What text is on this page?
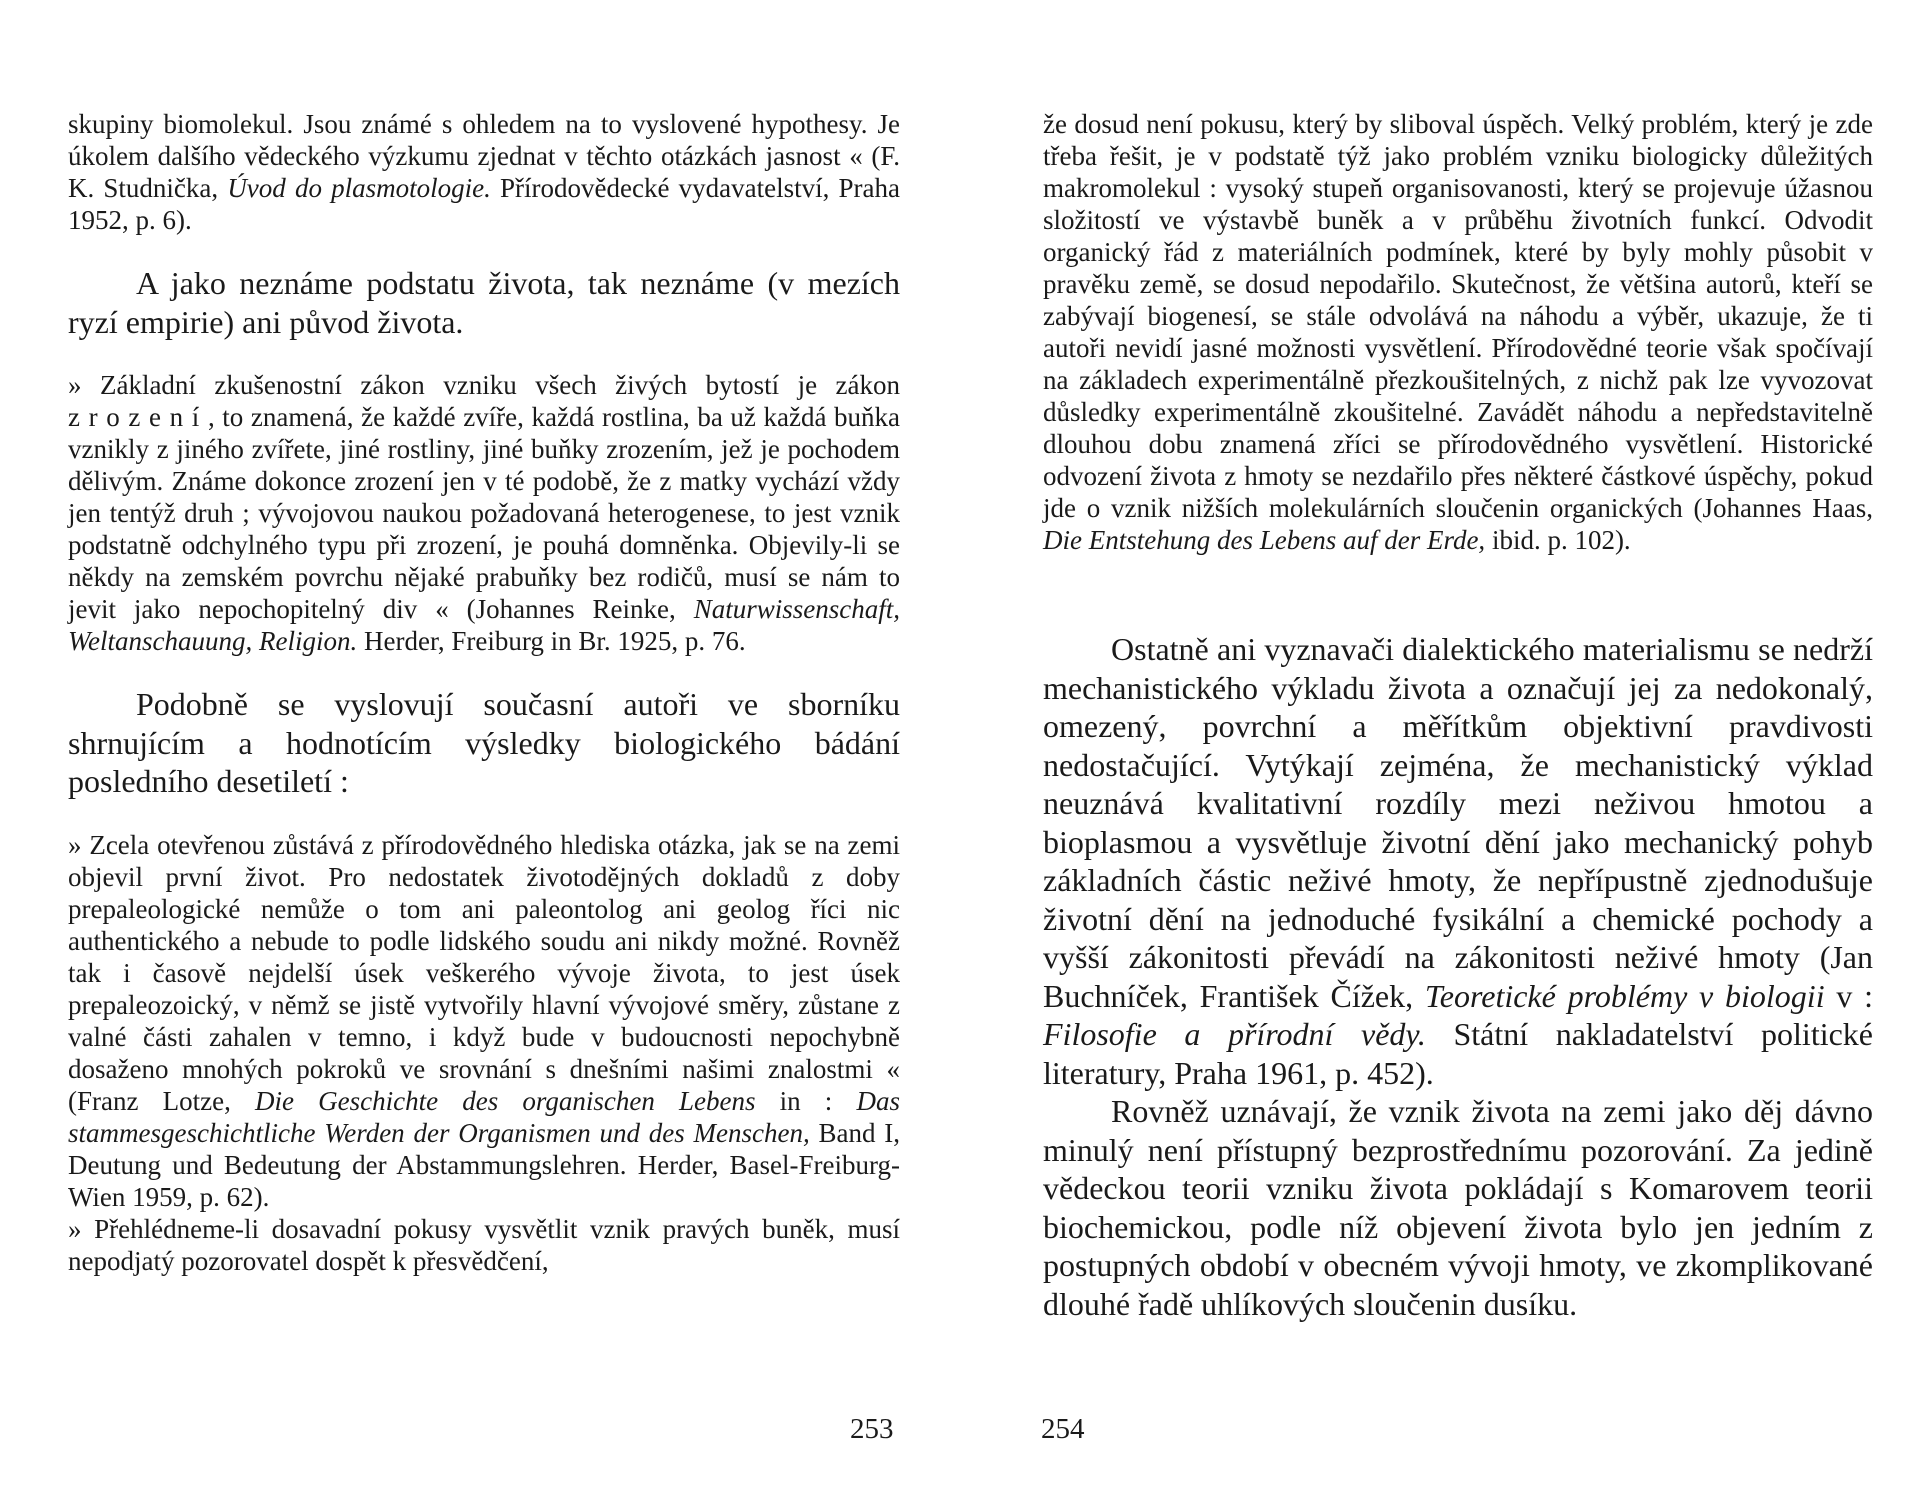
skupiny biomolekul. Jsou známé s ohledem na to vyslovené hypothesy. Je úkolem dalšího vědeckého výzkumu zjednat v těchto otázkách jasnost « (F. K. Studnička, Úvod do plasmotologie. Přírodovědecké vydavatelství, Praha 1952, p. 6).

A jako neznáme podstatu života, tak neznáme (v mezích ryzí empirie) ani původ života.

» Základní zkušenostní zákon vzniku všech živých bytostí je zákon zrození, to znamená, že každé zvíře, každá rostlina, ba už každá buňka vznikly z jiného zvířete, jiné rostliny, jiné buňky zrozením, jež je pochodem dělivým. Známe dokonce zrození jen v té podobě, že z matky vychází vždy jen tentýž druh ; vývojovou naukou požadovaná heterogenese, to jest vznik podstatně odchylného typu při zrození, je pouhá domněnka. Objevily-li se někdy na zemském povrchu nějaké prabuňky bez rodičů, musí se nám to jevit jako nepochopitelný div « (Johannes Reinke, Naturwissenschaft, Weltanschauung, Religion. Herder, Freiburg in Br. 1925, p. 76.

Podobně se vyslovují současní autoři ve sborníku shrnujícím a hodnotícím výsledky biologického bádání posledního desetiletí :

» Zcela otevřenou zůstává z přírodovědného hlediska otázka, jak se na zemi objevil první život. Pro nedostatek životodějných dokladů z doby prepaleologické nemůže o tom ani paleontolog ani geolog říci nic authentického a nebude to podle lidského soudu ani nikdy možné. Rovněž tak i časově nejdelší úsek veškerého vývoje života, to jest úsek prepaleozoický, v němž se jistě vytvořily hlavní vývojové směry, zůstane z valné části zahalen v temno, i když bude v budoucnosti nepochybně dosaženo mnohých pokroků ve srovnání s dnešními našimi znalostmi « (Franz Lotze, Die Geschichte des organischen Lebens in : Das stammesgeschichtliche Werden der Organismen und des Menschen, Band I, Deutung und Bedeutung der Abstammungslehren. Herder, Basel-Freiburg-Wien 1959, p. 62).

» Přehlédneme-li dosavadní pokusy vysvětlit vznik pravých buněk, musí nepodjatý pozorovatel dospět k přesvědčení,

253

že dosud není pokusu, který by sliboval úspěch. Velký problém, který je zde třeba řešit, je v podstatě týž jako problém vzniku biologicky důležitých makromolekul : vysoký stupeň organisovanosti, který se projevuje úžasnou složitostí ve výstavbě buněk a v průběhu životních funkcí. Odvodit organický řád z materiálních podmínek, které by byly mohly působit v pravěku země, se dosud nepodařilo. Skutečnost, že většina autorů, kteří se zabývají biogenesí, se stále odvolává na náhodu a výběr, ukazuje, že ti autoři nevidí jasné možnosti vysvětlení. Přírodovědné teorie však spočívají na základech experimentálně přezkoušitelných, z nichž pak lze vyvozovat důsledky experimentálně zkoušitelné. Zavádět náhodu a nepředstavitelně dlouhou dobu znamená zříci se přírodovědného vysvětlení. Historické odvození života z hmoty se nezdařilo přes některé částkové úspěchy, pokud jde o vznik nižších molekulárních sloučenin organických (Johannes Haas, Die Entstehung des Lebens auf der Erde, ibid. p. 102).

Ostatně ani vyznavači dialektického materialismu se nedrží mechanistického výkladu života a označují jej za nedokonalý, omezený, povrchní a měřítkům objektivní pravdivosti nedostačující. Vytýkají zejména, že mechanistický výklad neuznává kvalitativní rozdíly mezi neživou hmotou a bioplasmou a vysvětluje životní dění jako mechanický pohyb základních částic neživé hmoty, že nepřípustně zjednodušuje životní dění na jednoduché fysikální a chemické pochody a vyšší zákonitosti převádí na zákonitosti neživé hmoty (Jan Buchníček, František Čížek, Teoretické problémy v biologii v : Filosofie a přírodní vědy. Státní nakladatelství politické literatury, Praha 1961, p. 452).

Rovněž uznávají, že vznik života na zemi jako děj dávno minulý není přístupný bezprostřednímu pozorování. Za jedině vědeckou teorii vzniku života pokládají s Komarovem teorii biochemickou, podle níž objevení života bylo jen jedním z postupných období v obecném vývoji hmoty, ve zkomplikované dlouhé řadě uhlíkových sloučenin dusíku.

254
